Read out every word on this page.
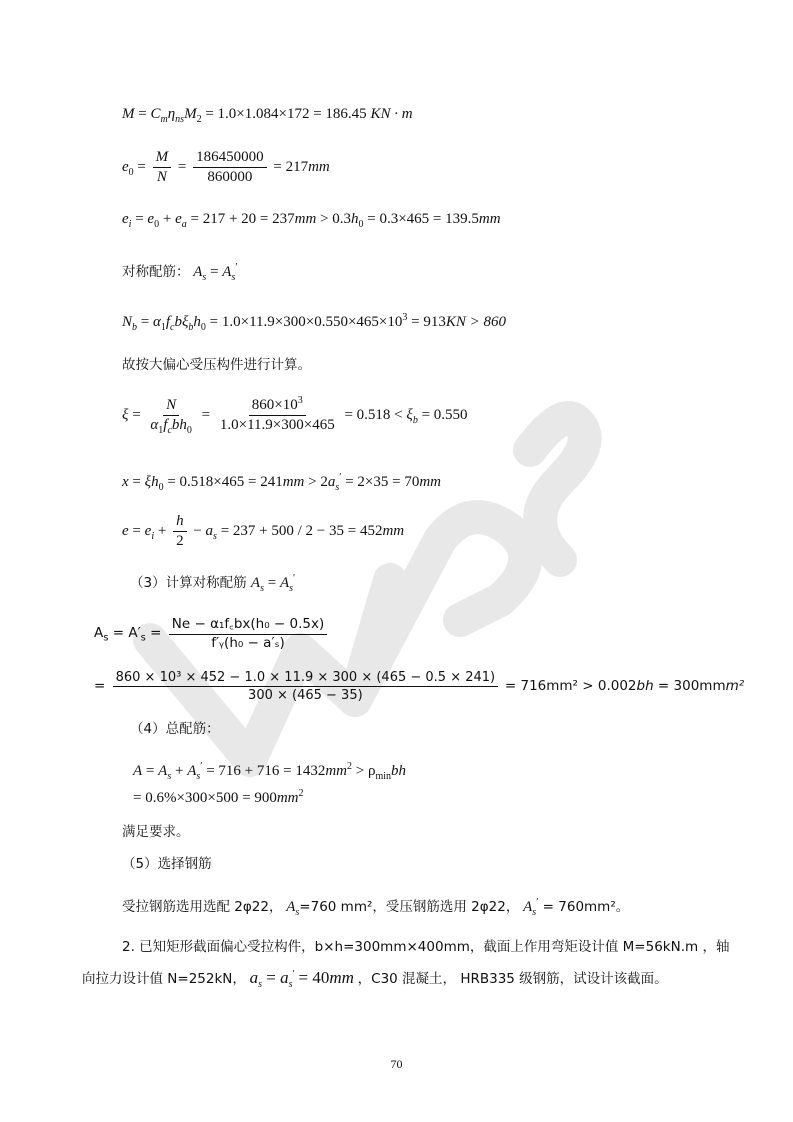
$M = C_m\eta_{ns}M_2 = 1.0\times 1.084\times 172 = 186.45$ KN · m
$e_0 = \frac{M}{N} = \frac{186450000}{860000} = 217mm$
$e_i = e_0 + e_a = 217 + 20 = 237mm > 0.3h_0 = 0.3\times 465 = 139.5mm$
对称配筋： $A_s = A_s'$
$N_b = \alpha_1f_cb\xi_bh_0 = 1.0\times 11.9\times 300\times 0.550\times 465\times 10^3 = 913KN > 860$
故按大偏心受压构件进行计算。
$\xi = \frac{N}{\alpha_1f_cbh_0} = \frac{860\times 10^3}{1.0\times 11.9\times 300\times 465} = 0.518 < \xi_b = 0.550$
$x = \xi h_0 = 0.518\times 465 = 241mm > 2a_s' = 2\times 35 = 70mm$
$e = e_i + \frac{h}{2} - a_s = 237 + 500 / 2 - 35 = 452mm$
（3）计算对称配筋 $A_s = A_s'$
$A_s = A'_s = \frac{\text{Ne − α₁f꜀bx(h₀ − 0.5x)}}{\text{f′ᵧ(h₀ − a′ₛ)}}$
= $\frac{\text{860 × 10³ × 452 − 1.0 × 11.9 × 300 × (465 − 0.5 × 241)}}{300 \times (465 - 35)} = 716mm^2 > 0.002bh = 300mmm^2$
（4）总配筋：
$A = A_s + A_s' = 716 + 716 = 1432mm^2 > \rho_{min}bh$
= $0.6\%\times 300\times 500 = 900mm^2$
满足要求。
（5）选择钢筋
受拉钢筋选用选配 2φ22， $A_s=760$ mm²，受压钢筋选用 2φ22， $A_s' = 760mm^2$。
2. 已知矩形截面偏心受拉构件，b×h=300mm×400mm，截面上作用弯矩设计值 M=56kN.m ，轴
向拉力设计值 N=252kN， $a_s = a_s' = 40mm$ ，C30 混凝土， HRB335 级钢筋，试设计该截面。
70
